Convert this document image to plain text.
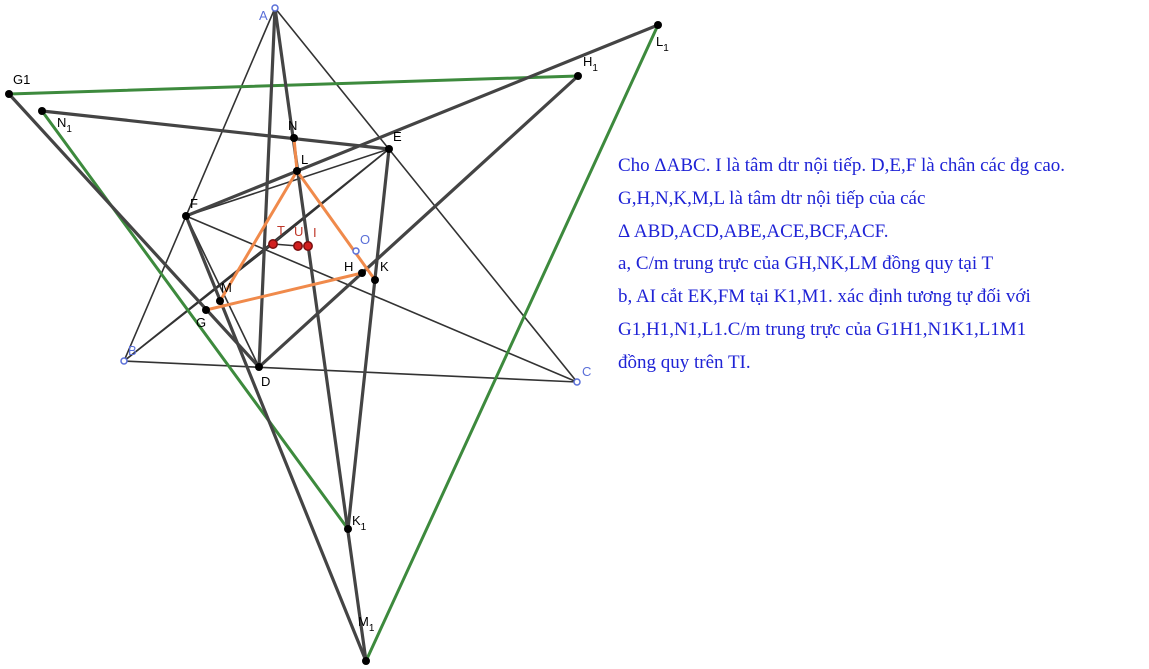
A
B
C
D
E
F
G
H
N
K
M
L
O
T U I
G1
$H_1$
$N_1$
$K_1$
$L_1$
$M_1$
Cho ΔABC. I là tâm dtr nội tiếp. D,E,F là chân các đg cao.
G,H,N,K,M,L là tâm dtr nội tiếp của các
Δ ABD,ACD,ABE,ACE,BCF,ACF.
a, C/m trung trực của GH,NK,LM đồng quy tại T
b, AI cắt EK,FM tại K1,M1. xác định tương tự đối với
G1,H1,N1,L1.C/m trung trực của G1H1,N1K1,L1M1
đồng quy trên TI.
